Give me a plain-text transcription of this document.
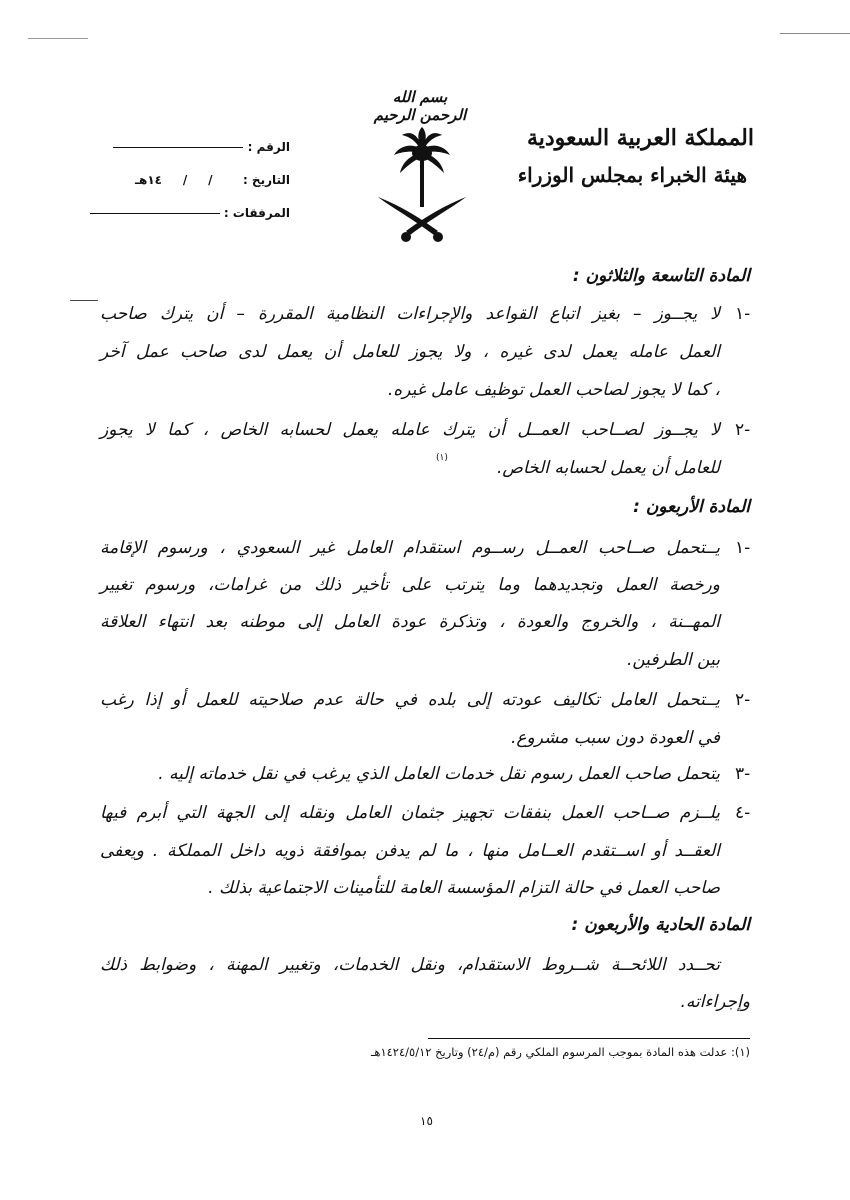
بسم الله الرحمن الرحيم
المملكة العربية السعودية
هيئة الخبراء بمجلس الوزراء
الرقم :
التاريخ :  /     /     ١٤هـ
المرفقات :
المادة التاسعة والثلاثون :
١-
لا يجــوز – بغيز اتباع القواعد والإجراءات النظامية المقررة – أن يترك صاحب
العمل عامله يعمل لدى غيره ، ولا يجوز للعامل أن يعمل لدى صاحب عمل آخر
، كما لا يجوز لصاحب العمل توظيف عامل غيره.
٢-
لا يجــوز لصــاحب العمــل أن يترك عامله يعمل لحسابه الخاص ، كما لا يجوز
للعامل أن يعمل لحسابه الخاص.
(١)
المادة الأربعون :
١-
يــتحمل صــاحب العمــل رســوم استقدام العامل غير السعودي ، ورسوم الإقامة
ورخصة العمل وتجديدهما وما يترتب على تأخير ذلك من غرامات، ورسوم تغيير
المهــنة ، والخروج والعودة ، وتذكرة عودة العامل إلى موطنه بعد انتهاء العلاقة
بين الطرفين.
٢-
يــتحمل العامل تكاليف عودته إلى بلده في حالة عدم صلاحيته للعمل أو إذا رغب
في العودة دون سبب مشروع.
٣-
يتحمل صاحب العمل رسوم نقل خدمات العامل الذي يرغب في نقل خدماته إليه .
٤-
يلــزم صــاحب العمل بنفقات تجهيز جثمان العامل ونقله إلى الجهة التي أبرم فيها
العقــد أو اســتقدم العــامل منها ، ما لم يدفن بموافقة ذويه داخل المملكة . ويعفى
صاحب العمل في حالة التزام المؤسسة العامة للتأمينات الاجتماعية بذلك .
المادة الحادية والأربعون :
تحــدد اللائحــة شــروط الاستقدام، ونقل الخدمات، وتغيير المهنة ، وضوابط ذلك
وإجراءاته.
(١): عدلت هذه المادة بموجب المرسوم الملكي رقم (م/٢٤) وتاريخ ١٤٢٤/٥/١٢هـ
١٥
